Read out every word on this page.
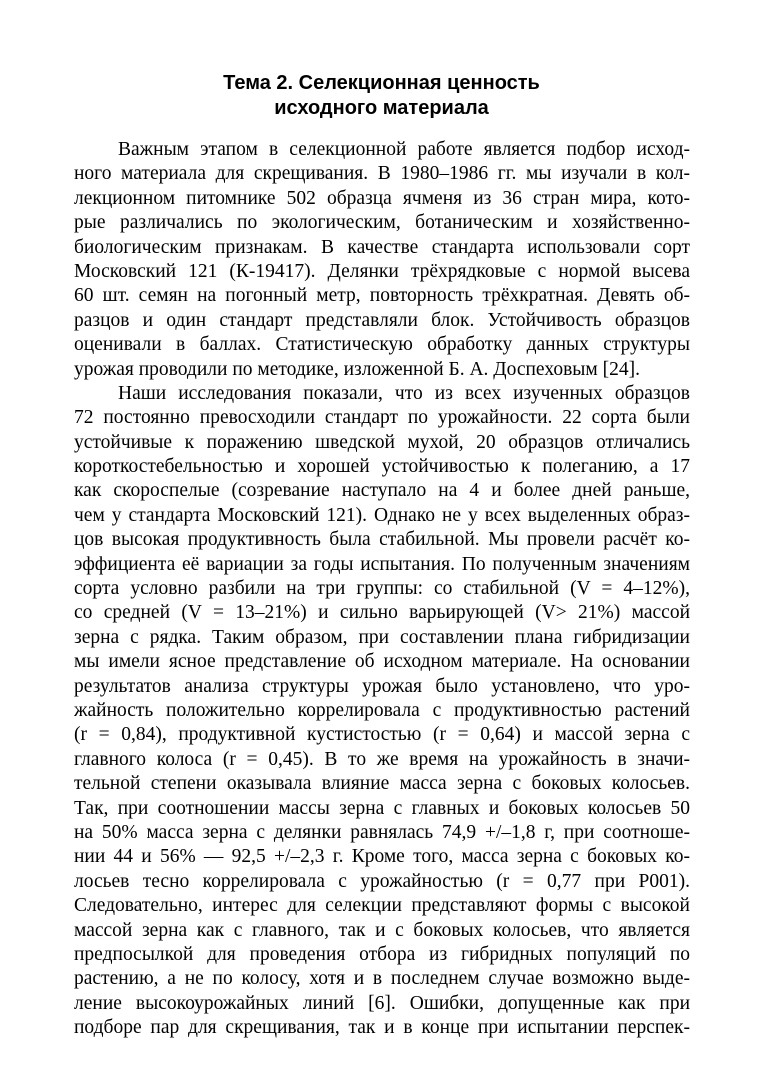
Тема 2. Селекционная ценность
исходного материала
Важным этапом в селекционной работе является подбор исход-
ного материала для скрещивания. В 1980–1986 гг. мы изучали в кол-
лекционном питомнике 502 образца ячменя из 36 стран мира, кото-
рые различались по экологическим, ботаническим и хозяйственно-
биологическим признакам. В качестве стандарта использовали сорт
Московский 121 (К-19417). Делянки трёхрядковые с нормой высева
60 шт. семян на погонный метр, повторность трёхкратная. Девять об-
разцов и один стандарт представляли блок. Устойчивость образцов
оценивали в баллах. Статистическую обработку данных структуры
урожая проводили по методике, изложенной Б. А. Доспеховым [24].
Наши исследования показали, что из всех изученных образцов
72 постоянно превосходили стандарт по урожайности. 22 сорта были
устойчивые к поражению шведской мухой, 20 образцов отличались
короткостебельностью и хорошей устойчивостью к полеганию, а 17
как скороспелые (созревание наступало на 4 и более дней раньше,
чем у стандарта Московский 121). Однако не у всех выделенных образ-
цов высокая продуктивность была стабильной. Мы провели расчёт ко-
эффициента её вариации за годы испытания. По полученным значениям
сорта условно разбили на три группы: со стабильной (V = 4–12%),
со средней (V = 13–21%) и сильно варьирующей (V> 21%) массой
зерна с рядка. Таким образом, при составлении плана гибридизации
мы имели ясное представление об исходном материале. На основании
результатов анализа структуры урожая было установлено, что уро-
жайность положительно коррелировала с продуктивностью растений
(r = 0,84), продуктивной кустистостью (r = 0,64) и массой зерна с
главного колоса (r = 0,45). В то же время на урожайность в значи-
тельной степени оказывала влияние масса зерна с боковых колосьев.
Так, при соотношении массы зерна с главных и боковых колосьев 50
на 50% масса зерна с делянки равнялась 74,9 +/–1,8 г, при соотноше-
нии 44 и 56% — 92,5 +/–2,3 г. Кроме того, масса зерна с боковых ко-
лосьев тесно коррелировала с урожайностью (r = 0,77 при P001).
Следовательно, интерес для селекции представляют формы с высокой
массой зерна как с главного, так и с боковых колосьев, что является
предпосылкой для проведения отбора из гибридных популяций по
растению, а не по колосу, хотя и в последнем случае возможно выде-
ление высокоурожайных линий [6]. Ошибки, допущенные как при
подборе пар для скрещивания, так и в конце при испытании перспек-
